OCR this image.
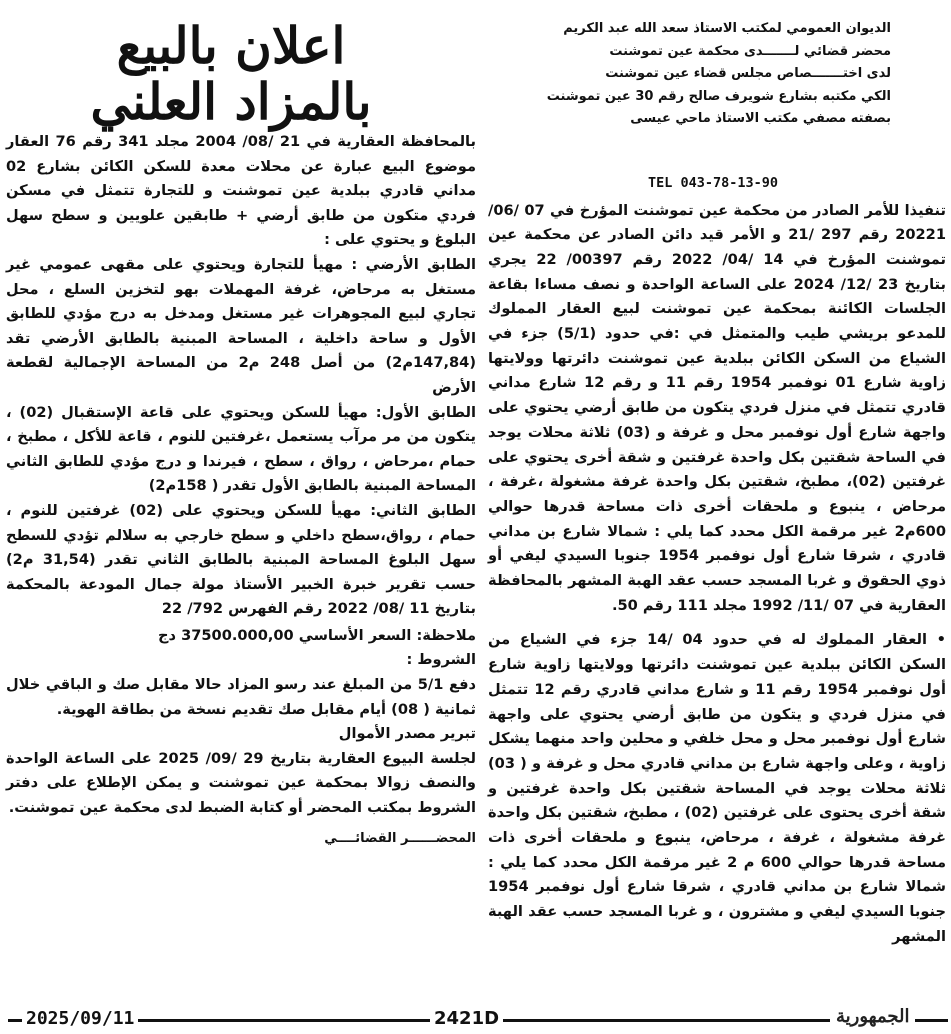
الديوان العمومي لمكتب الاستاذ سعد الله عبد الكريم
محضر قضائي لـــــــدى محكمة عين تموشنت
لدى اختـــــــصاص مجلس قضاء عين تموشنت
الكي مكتبه بشارع شويرف صالح رقم 30 عين تموشنت
بصفته مصفي مكتب الاستاذ ماحي عيسى
TEL 043-78-13-90

تنفيذا للأمر الصادر من محكمة عين تموشنت المؤرخ في 07 /06/ 20221 رقم 297 /21 و الأمر قيد دائن الصادر عن محكمة عين تموشنت المؤرخ في 14 /04/ 2022 رقم 00397/ 22 يجري بتاريخ 23 /12/ 2024 على الساعة الواحدة و نصف مساءا بقاعة الجلسات الكائنة بمحكمة عين تموشنت لبيع العقار المملوك للمدعو بريشي طيب والمتمثل في :في حدود (5/1) جزء في الشياع من السكن الكائن ببلدية عين تموشنت دائرتها وولايتها زاوية شارع 01 نوفمبر 1954 رقم 11 و رقم 12 شارع مداني قادري تتمثل في منزل فردي يتكون من طابق أرضي يحتوي على واجهة شارع أول نوفمبر محل و غرفة و (03) ثلاثة محلات يوجد في الساحة شقتين بكل واحدة غرفتين و شقة أخرى يحتوي على غرفتين (02)، مطبخ، شقتين بكل واحدة غرفة مشغولة ،غرفة ، مرحاض ، ينبوع و ملحقات أخرى ذات مساحة قدرها حوالي 600م2 غير مرقمة الكل محدد كما يلي : شمالا شارع بن مداني قادري ، شرقا شارع أول نوفمبر 1954 جنوبا السيدي ليفي أو ذوي الحقوق و غربا المسجد حسب عقد الهبة المشهر بالمحافظة العقارية في 07 /11/ 1992 مجلد 111 رقم 50.

• العقار المملوك له في حدود 04 /14 جزء في الشياع من السكن الكائن ببلدية عين تموشنت دائرتها وولايتها زاوية شارع أول نوفمبر 1954 رقم 11 و شارع مداني قادري رقم 12 تتمثل في منزل فردي و يتكون من طابق أرضي يحتوي على واجهة شارع أول نوفمبر محل و محل خلفي و محلين واحد منهما يشكل زاوية ، وعلى واجهة شارع بن مداني قادري محل و غرفة و ( 03) ثلاثة محلات يوجد في المساحة شقتين بكل واحدة غرفتين و شقة أخرى يحتوى على غرفتين (02) ، مطبخ، شقتين بكل واحدة غرفة مشغولة ، غرفة ، مرحاض، ينبوع و ملحقات أخرى ذات مساحة قدرها حوالي 600 م 2 غير مرقمة الكل محدد كما يلي : شمالا شارع بن مداني قادري ، شرقا شارع أول نوفمبر 1954 جنوبا السيدي ليفي و مشترون ، و غربا المسجد حسب عقد الهبة المشهر

اعلان بالبيع
بالمزاد العلني

بالمحافظة العقارية في 21 /08/ 2004 مجلد 341 رقم 76 العقار موضوع البيع عبارة عن محلات معدة للسكن الكائن بشارع 02 مداني قادري ببلدية عين تموشنت و للتجارة تتمثل في مسكن فردي متكون من طابق أرضي + طابقين علويين و سطح سهل البلوغ و يحتوي على :

الطابق الأرضي : مهيأ للتجارة ويحتوي على مقهى عمومي غير مستغل به مرحاض، غرفة المهملات بهو لتخزين السلع ، محل تجاري لبيع المجوهرات غير مستغل ومدخل به درج مؤدي للطابق الأول و ساحة داخلية ، المساحة المبنية بالطابق الأرضي تقد (147,84م2) من أصل 248 م2 من المساحة الإجمالية لقطعة الأرض

الطابق الأول: مهيأ للسكن ويحتوي على قاعة الإستقبال (02) ، يتكون من مر مرآب يستعمل ،غرفتين للنوم ، قاعة للأكل ، مطبخ ، حمام ،مرحاض ، رواق ، سطح ، فيرندا و درج مؤدي للطابق الثاني المساحة المبنية بالطابق الأول تقدر ( 158م2)

الطابق الثاني: مهيأ للسكن ويحتوي على (02) غرفتين للنوم ، حمام ، رواق،سطح داخلي و سطح خارجي به سلالم تؤدي للسطح سهل البلوغ المساحة المبنية بالطابق الثاني تقدر (31,54 م2) حسب تقرير خبرة الخبير الأستاذ مولة جمال المودعة بالمحكمة بتاريخ 11 /08/ 2022 رقم الفهرس 792/ 22

ملاحظة: السعر الأساسي 37500.000,00 دج

الشروط :

دفع 5/1 من المبلغ عند رسو المزاد حالا مقابل صك و الباقي خلال ثمانية ( 08) أيام مقابل صك تقديم نسخة من بطاقة الهوية.

تبرير مصدر الأموال

لجلسة البيوع العقارية بتاريخ 29 /09/ 2025 على الساعة الواحدة والنصف زوالا بمحكمة عين تموشنت و يمكن الإطلاع على دفتر الشروط بمكتب المحضر أو كتابة الضبط لدى محكمة عين تموشنت.

المحضــــــر القضائــــي

2025/09/11	2421D	الجمهورية
